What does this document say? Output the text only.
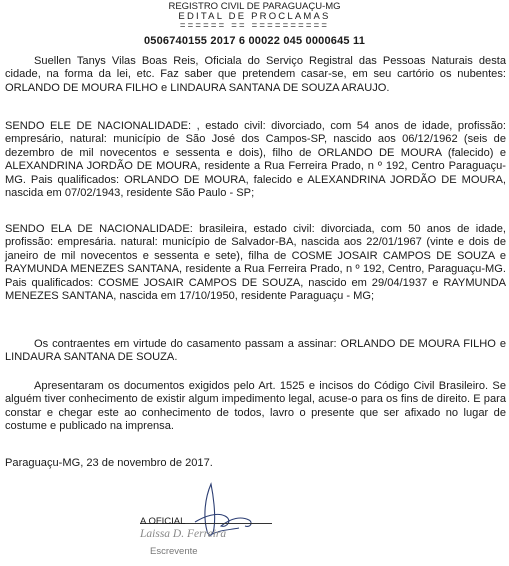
REGISTRO CIVIL DE PARAGUAÇU-MG
EDITAL DE PROCLAMAS
====== == ==========
0506740155 2017 6 00022 045 0000645 11
Suellen Tanys Vilas Boas Reis, Oficiala do Serviço Registral das Pessoas Naturais desta cidade, na forma da lei, etc. Faz saber que pretendem casar-se, em seu cartório os nubentes: ORLANDO DE MOURA FILHO e LINDAURA SANTANA DE SOUZA ARAUJO.
SENDO ELE DE NACIONALIDADE: , estado civil: divorciado, com 54 anos de idade, profissão: empresário, natural: município de São José dos Campos-SP, nascido aos 06/12/1962 (seis de dezembro de mil novecentos e sessenta e dois), filho de ORLANDO DE MOURA (falecido) e ALEXANDRINA JORDÃO DE MOURA, residente a Rua Ferreira Prado, n º 192, Centro Paraguaçu-MG. Pais qualificados: ORLANDO DE MOURA, falecido e ALEXANDRINA JORDÃO DE MOURA, nascida em 07/02/1943, residente São Paulo - SP;
SENDO ELA DE NACIONALIDADE: brasileira, estado civil: divorciada, com 50 anos de idade, profissão: empresária. natural: município de Salvador-BA, nascida aos 22/01/1967 (vinte e dois de janeiro de mil novecentos e sessenta e sete), filha de COSME JOSAIR CAMPOS DE SOUZA e RAYMUNDA MENEZES SANTANA, residente a Rua Ferreira Prado, n º 192, Centro, Paraguaçu-MG. Pais qualificados: COSME JOSAIR CAMPOS DE SOUZA, nascido em 29/04/1937 e RAYMUNDA MENEZES SANTANA, nascida em 17/10/1950, residente Paraguaçu - MG;
Os contraentes em virtude do casamento passam a assinar: ORLANDO DE MOURA FILHO e LINDAURA SANTANA DE SOUZA.
Apresentaram os documentos exigidos pelo Art. 1525 e incisos do Código Civil Brasileiro. Se alguém tiver conhecimento de existir algum impedimento legal, acuse-o para os fins de direito. E para constar e chegar este ao conhecimento de todos, lavro o presente que ser afixado no lugar de costume e publicado na imprensa.
Paraguaçu-MG, 23 de novembro de 2017.
A OFICIAL
Laissa D. Ferreira
Escrevente
